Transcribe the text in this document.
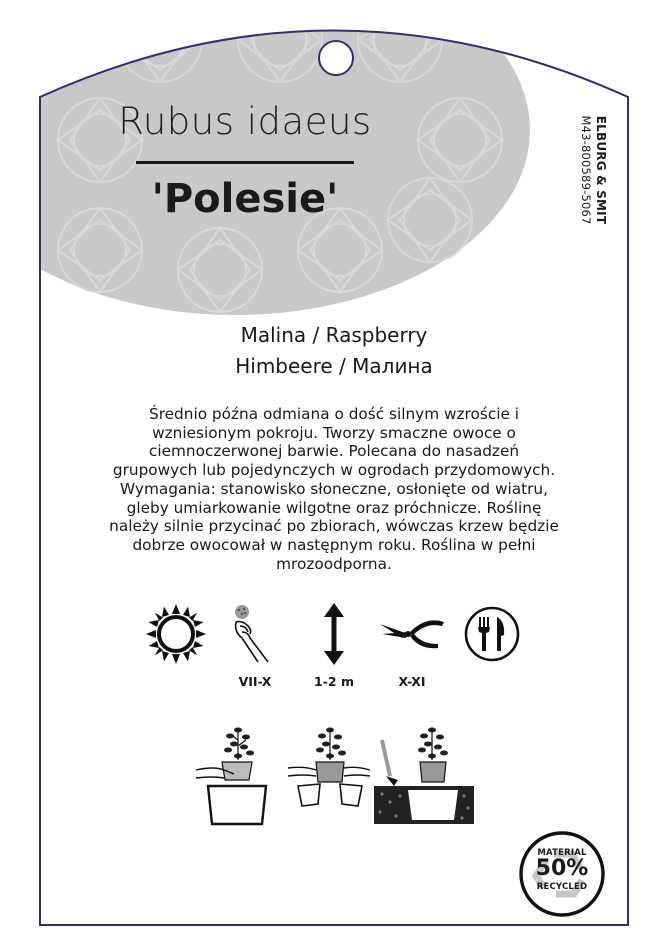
Rubus idaeus
'Polesie'	ELBURG & SMIT
M43-800589-5067
Malina / Raspberry
Himbeere / Малина
Średnio późna odmiana o dość silnym wzroście i
wzniesionym pokroju. Tworzy smaczne owoce o
ciemnoczerwonej barwie. Polecana do nasadzeń
grupowych lub pojedynczych w ogrodach przydomowych.
Wymagania: stanowisko słoneczne, osłonięte od wiatru,
gleby umiarkowanie wilgotne oraz próchnicze. Roślinę
należy silnie przycinać po zbiorach, wówczas krzew będzie
dobrze owocował w następnym roku. Roślina w pełni
mrozoodporna.
VII-X	1-2 m	X-XI
MATERIAL
50%
RECYCLED
